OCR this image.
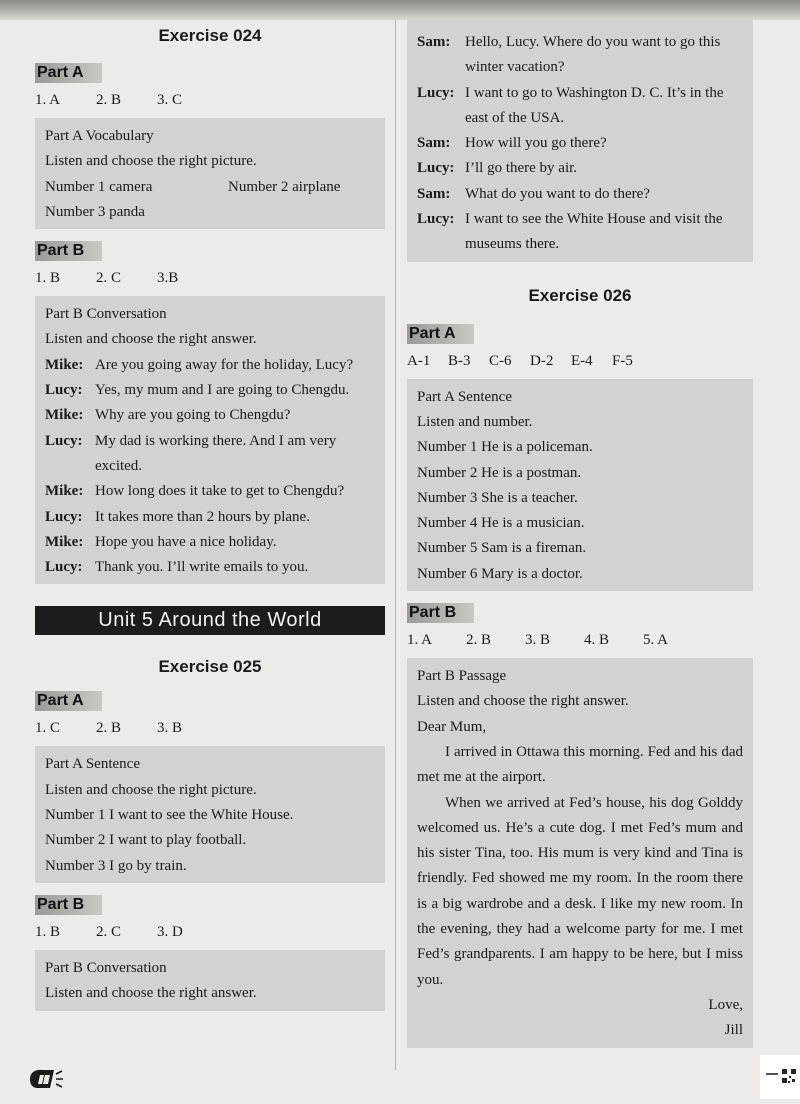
Exercise 024
Part A

1. A 2. B 3. C

Part A Vocabulary
Listen and choose the right picture.
Number 1 camera	Number 2 airplane
Number 3 panda
Part B

1. B 2. C 3.B

Part B Conversation
Listen and choose the right answer.
Mike: Are you going away for the holiday, Lucy?
Lucy: Yes, my mum and I are going to Chengdu.
Mike: Why are you going to Chengdu?
Lucy: My dad is working there. And I am very excited.
Mike: How long does it take to get to Chengdu?
Lucy: It takes more than 2 hours by plane.
Mike: Hope you have a nice holiday.
Lucy: Thank you. I’ll write emails to you.
Unit 5 Around the World
Exercise 025
Part A

1. C 2. B 3. B

Part A Sentence
Listen and choose the right picture.
Number 1 I want to see the White House.
Number 2 I want to play football.
Number 3 I go by train.
Part B

1. B 2. C 3. D

Part B Conversation
Listen and choose the right answer.
Sam: Hello, Lucy. Where do you want to go this winter vacation?
Lucy: I want to go to Washington D. C. It’s in the east of the USA.
Sam: How will you go there?
Lucy: I’ll go there by air.
Sam: What do you want to do there?
Lucy: I want to see the White House and visit the museums there.
Exercise 026
Part A

A-1 B-3 C-6 D-2 E-4 F-5

Part A Sentence
Listen and number.
Number 1 He is a policeman.
Number 2 He is a postman.
Number 3 She is a teacher.
Number 4 He is a musician.
Number 5 Sam is a fireman.
Number 6 Mary is a doctor.
Part B

1. A 2. B 3. B 4. B 5. A

Part B Passage
Listen and choose the right answer.
Dear Mum,
I arrived in Ottawa this morning. Fed and his dad met me at the airport.
When we arrived at Fed’s house, his dog Golddy welcomed us. He’s a cute dog. I met Fed’s mum and his sister Tina, too. His mum is very kind and Tina is friendly. Fed showed me my room. In the room there is a big wardrobe and a desk. I like my new room. In the evening, they had a welcome party for me. I met Fed’s grandparents. I am happy to be here, but I miss you.
Love,
Jill
